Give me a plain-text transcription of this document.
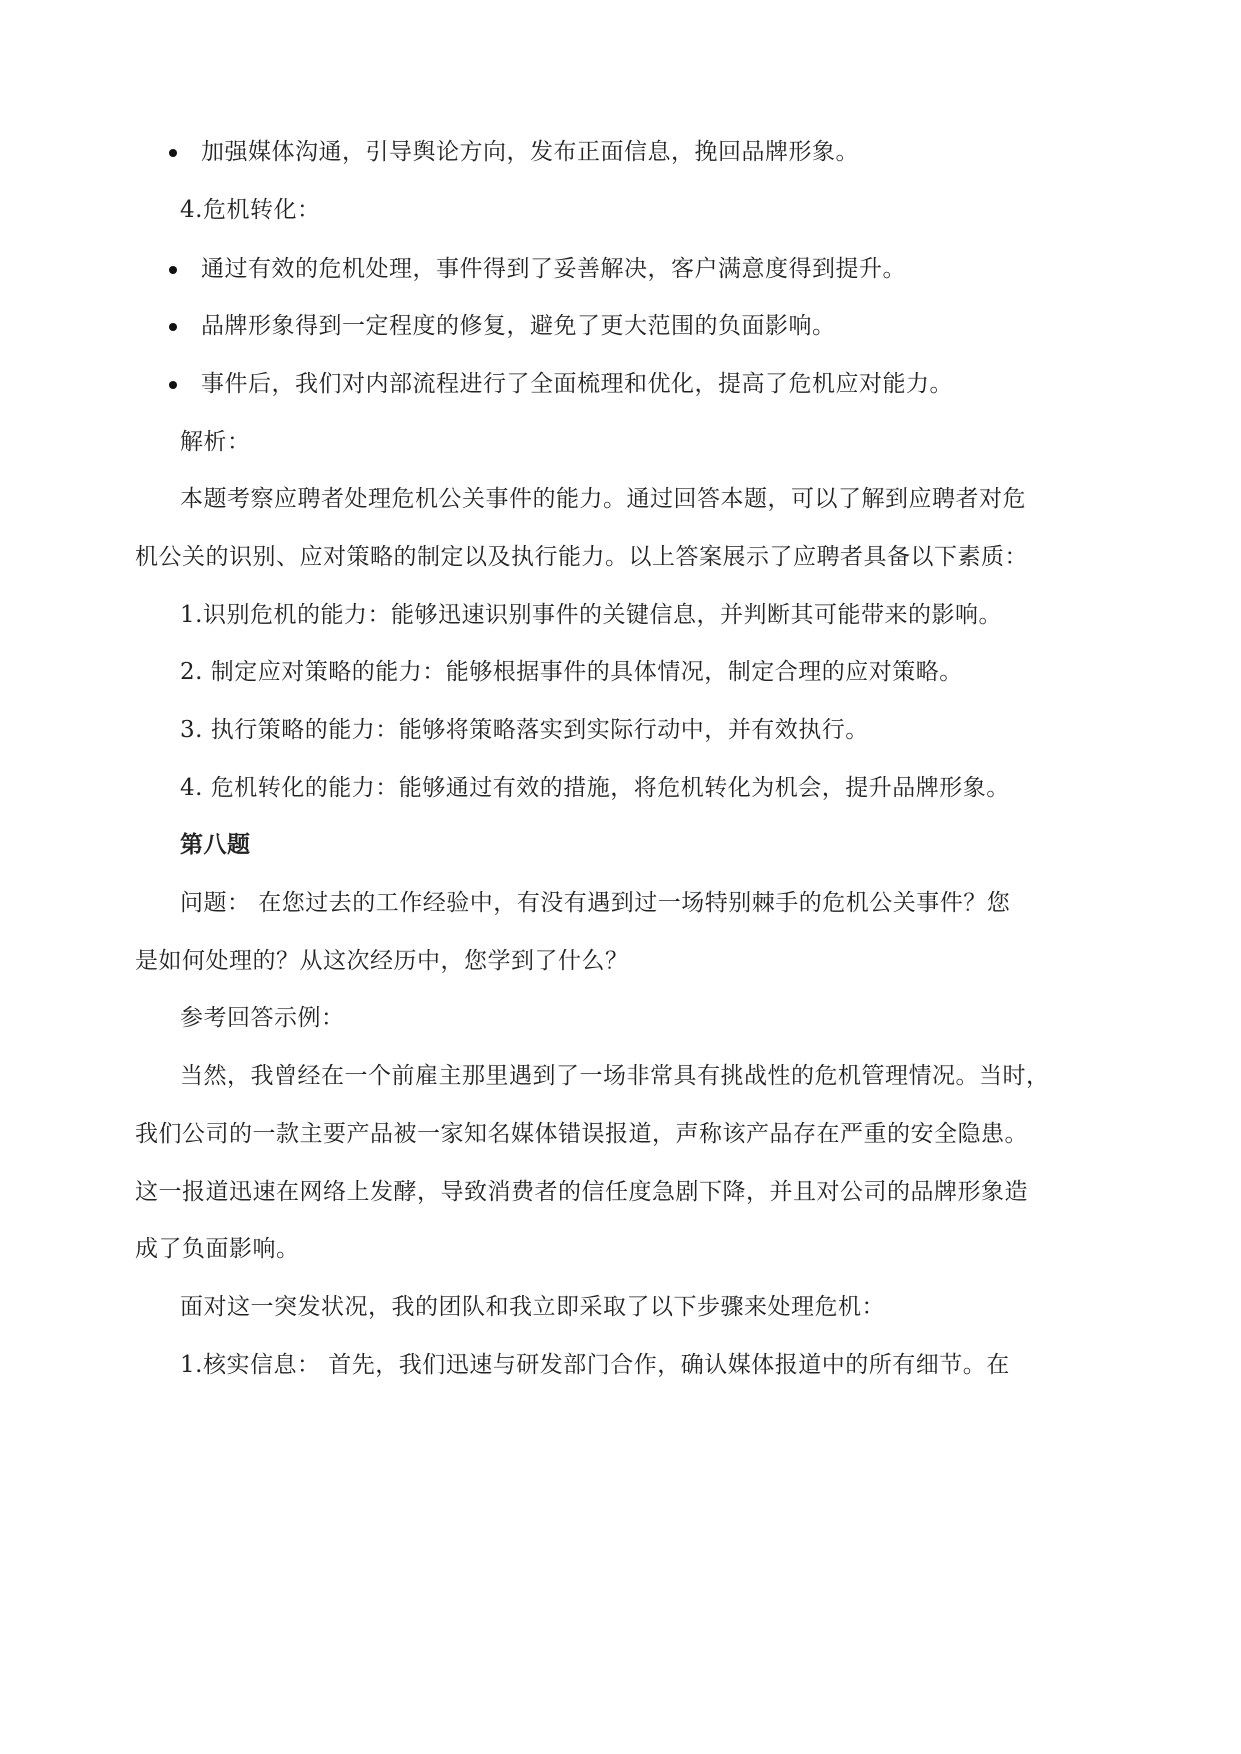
加强媒体沟通，引导舆论方向，发布正面信息，挽回品牌形象。
4.危机转化：
通过有效的危机处理，事件得到了妥善解决，客户满意度得到提升。
品牌形象得到一定程度的修复，避免了更大范围的负面影响。
事件后，我们对内部流程进行了全面梳理和优化，提高了危机应对能力。
解析：
本题考察应聘者处理危机公关事件的能力。通过回答本题，可以了解到应聘者对危
机公关的识别、应对策略的制定以及执行能力。以上答案展示了应聘者具备以下素质：
1.识别危机的能力：能够迅速识别事件的关键信息，并判断其可能带来的影响。
2. 制定应对策略的能力：能够根据事件的具体情况，制定合理的应对策略。
3. 执行策略的能力：能够将策略落实到实际行动中，并有效执行。
4. 危机转化的能力：能够通过有效的措施，将危机转化为机会，提升品牌形象。
第八题
问题： 在您过去的工作经验中，有没有遇到过一场特别棘手的危机公关事件？您
是如何处理的？从这次经历中，您学到了什么？
参考回答示例：
当然，我曾经在一个前雇主那里遇到了一场非常具有挑战性的危机管理情况。当时，
我们公司的一款主要产品被一家知名媒体错误报道，声称该产品存在严重的安全隐患。
这一报道迅速在网络上发酵，导致消费者的信任度急剧下降，并且对公司的品牌形象造
成了负面影响。
面对这一突发状况，我的团队和我立即采取了以下步骤来处理危机：
1.核实信息： 首先，我们迅速与研发部门合作，确认媒体报道中的所有细节。在
